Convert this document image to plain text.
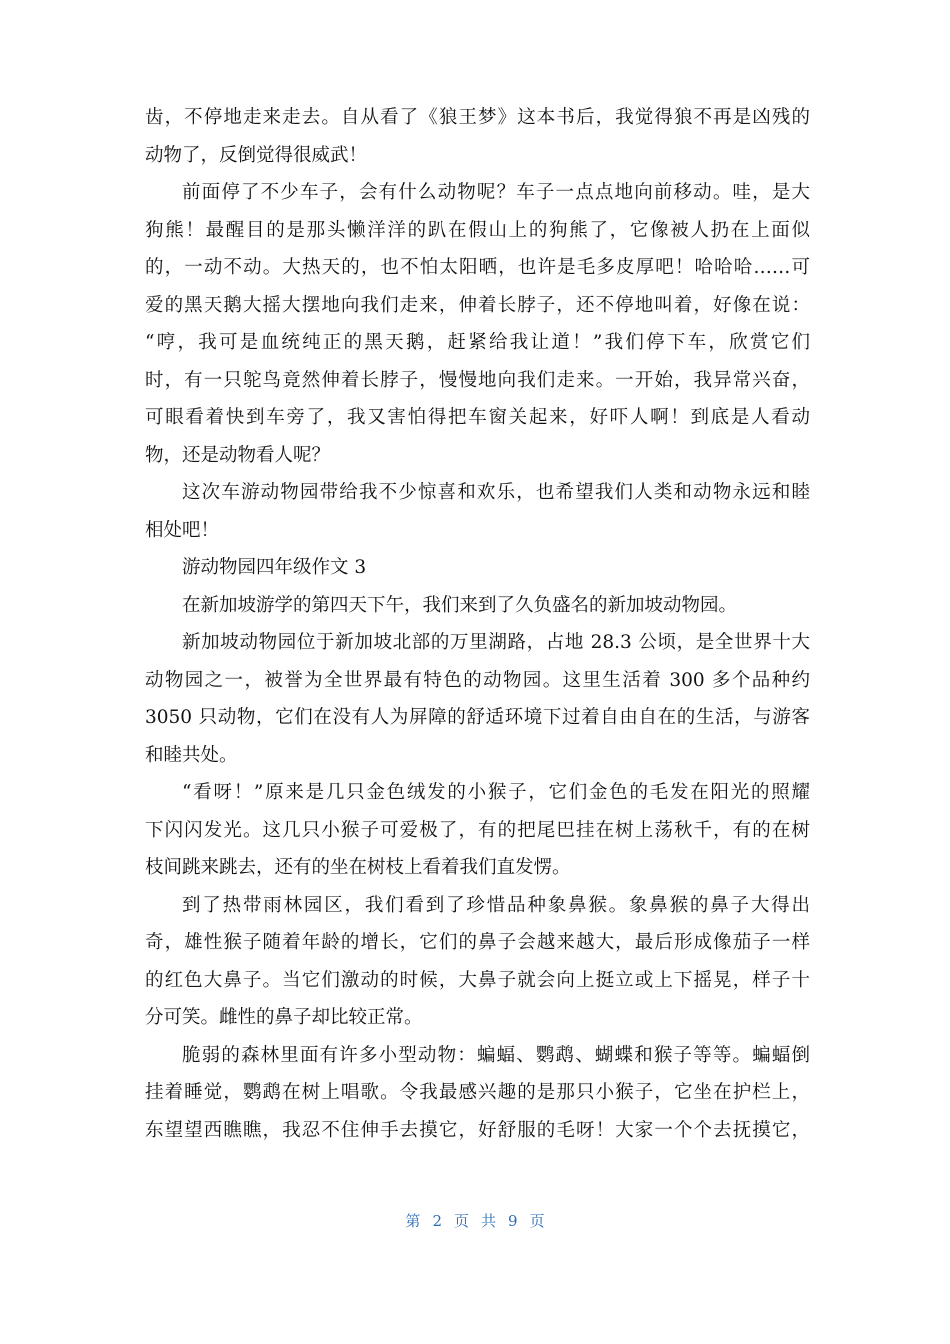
齿，不停地走来走去。自从看了《狼王梦》这本书后，我觉得狼不再是凶残的
动物了，反倒觉得很威武！
前面停了不少车子，会有什么动物呢？车子一点点地向前移动。哇，是大
狗熊！最醒目的是那头懒洋洋的趴在假山上的狗熊了，它像被人扔在上面似
的，一动不动。大热天的，也不怕太阳晒，也许是毛多皮厚吧！哈哈哈……可
爱的黑天鹅大摇大摆地向我们走来，伸着长脖子，还不停地叫着，好像在说：
“哼，我可是血统纯正的黑天鹅，赶紧给我让道！”我们停下车，欣赏它们
时，有一只鸵鸟竟然伸着长脖子，慢慢地向我们走来。一开始，我异常兴奋，
可眼看着快到车旁了，我又害怕得把车窗关起来，好吓人啊！到底是人看动
物，还是动物看人呢？
这次车游动物园带给我不少惊喜和欢乐，也希望我们人类和动物永远和睦
相处吧！
游动物园四年级作文 3
在新加坡游学的第四天下午，我们来到了久负盛名的新加坡动物园。
新加坡动物园位于新加坡北部的万里湖路，占地 28.3 公顷，是全世界十大
动物园之一，被誉为全世界最有特色的动物园。这里生活着 300 多个品种约
3050 只动物，它们在没有人为屏障的舒适环境下过着自由自在的生活，与游客
和睦共处。
“看呀！”原来是几只金色绒发的小猴子，它们金色的毛发在阳光的照耀
下闪闪发光。这几只小猴子可爱极了，有的把尾巴挂在树上荡秋千，有的在树
枝间跳来跳去，还有的坐在树枝上看着我们直发愣。
到了热带雨林园区，我们看到了珍惜品种象鼻猴。象鼻猴的鼻子大得出
奇，雄性猴子随着年龄的增长，它们的鼻子会越来越大，最后形成像茄子一样
的红色大鼻子。当它们激动的时候，大鼻子就会向上挺立或上下摇晃，样子十
分可笑。雌性的鼻子却比较正常。
脆弱的森林里面有许多小型动物：蝙蝠、鹦鹉、蝴蝶和猴子等等。蝙蝠倒
挂着睡觉，鹦鹉在树上唱歌。令我最感兴趣的是那只小猴子，它坐在护栏上，
东望望西瞧瞧，我忍不住伸手去摸它，好舒服的毛呀！大家一个个去抚摸它，
第 2 页 共 9 页
